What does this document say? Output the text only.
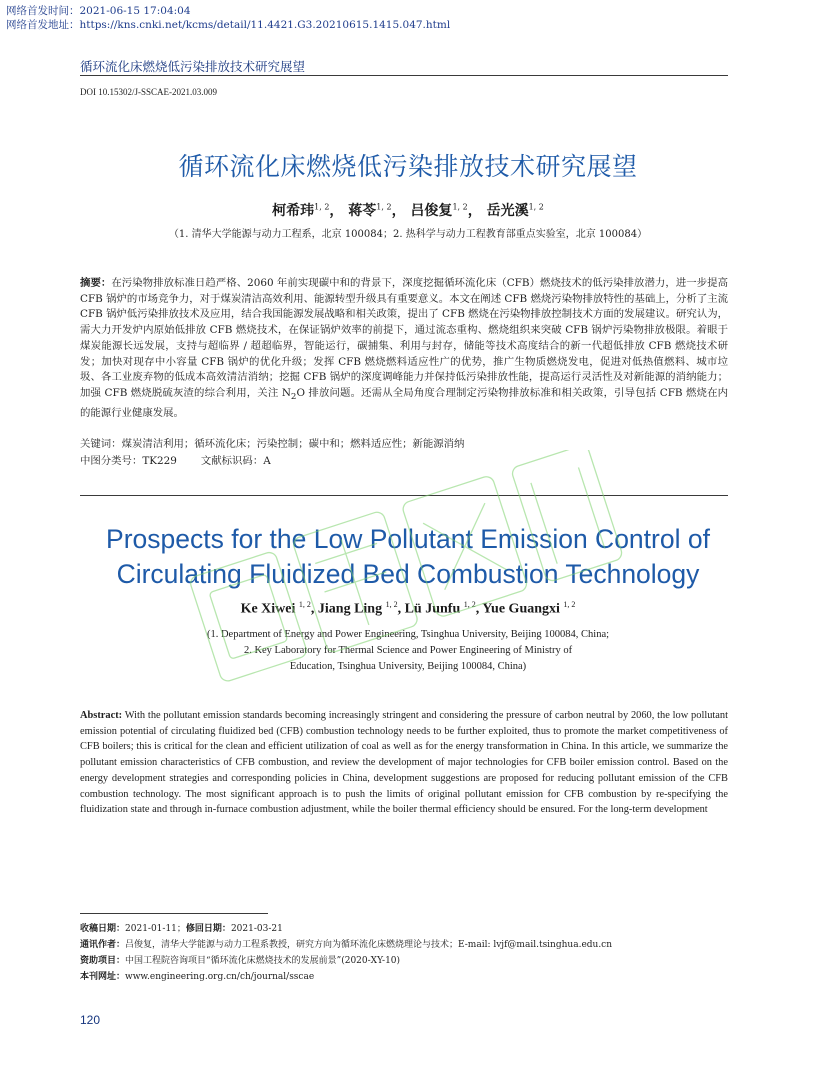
网络首发时间：2021-06-15 17:04:04
网络首发地址：https://kns.cnki.net/kcms/detail/11.4421.G3.20210615.1415.047.html
循环流化床燃烧低污染排放技术研究展望
DOI 10.15302/J-SSCAE-2021.03.009
循环流化床燃烧低污染排放技术研究展望
柯希玮$^{1, 2}$， 蒋苓$^{1, 2}$， 吕俊复$^{1, 2}$， 岳光溪$^{1, 2}$
（1. 清华大学能源与动力工程系，北京 100084；2. 热科学与动力工程教育部重点实验室，北京 100084）
摘要：在污染物排放标准日趋严格、2060 年前实现碳中和的背景下，深度挖掘循环流化床（CFB）燃烧技术的低污染排放潜力，进一步提高 CFB 锅炉的市场竞争力，对于煤炭清洁高效利用、能源转型升级具有重要意义。本文在阐述 CFB 燃烧污染物排放特性的基础上，分析了主流 CFB 锅炉低污染排放技术及应用，结合我国能源发展战略和相关政策，提出了 CFB 燃烧在污染物排放控制技术方面的发展建议。研究认为，需大力开发炉内原始低排放 CFB 燃烧技术，在保证锅炉效率的前提下，通过流态重构、燃烧组织来突破 CFB 锅炉污染物排放极限。着眼于煤炭能源长远发展，支持与超临界 / 超超临界，智能运行，碳捕集、利用与封存，储能等技术高度结合的新一代超低排放 CFB 燃烧技术研发；加快对现存中小容量 CFB 锅炉的优化升级；发挥 CFB 燃烧燃料适应性广的优势，推广生物质燃烧发电，促进对低热值燃料、城市垃圾、各工业废弃物的低成本高效清洁消纳；挖掘 CFB 锅炉的深度调峰能力并保持低污染排放性能，提高运行灵活性及对新能源的消纳能力；加强 CFB 燃烧脱硫灰渣的综合利用，关注 $N_2O$ 排放问题。还需从全局角度合理制定污染物排放标准和相关政策，引导包括 CFB 燃烧在内的能源行业健康发展。
关键词：煤炭清洁利用；循环流化床；污染控制；碳中和；燃料适应性；新能源消纳
中图分类号：TK229 文献标识码：A
Prospects for the Low Pollutant Emission Control of
Circulating Fluidized Bed Combustion Technology
Ke Xiwei $^{1, 2}$, Jiang Ling $^{1, 2}$, Lü Junfu $^{1, 2}$, Yue Guangxi $^{1, 2}$
(1. Department of Energy and Power Engineering, Tsinghua University, Beijing 100084, China;
2. Key Laboratory for Thermal Science and Power Engineering of Ministry of
Education, Tsinghua University, Beijing 100084, China)
Abstract: With the pollutant emission standards becoming increasingly stringent and considering the pressure of carbon neutral by 2060, the low pollutant emission potential of circulating fluidized bed (CFB) combustion technology needs to be further exploited, thus to promote the market competitiveness of CFB boilers; this is critical for the clean and efficient utilization of coal as well as for the energy transformation in China. In this article, we summarize the pollutant emission characteristics of CFB combustion, and review the development of major technologies for CFB boiler emission control. Based on the energy development strategies and corresponding policies in China, development suggestions are proposed for reducing pollutant emission of the CFB combustion technology. The most significant approach is to push the limits of original pollutant emission for CFB combustion by re-specifying the fluidization state and through in-furnace combustion adjustment, while the boiler thermal efficiency should be ensured. For the long-term development
收稿日期：2021-01-11；修回日期：2021-03-21
通讯作者：吕俊复，清华大学能源与动力工程系教授，研究方向为循环流化床燃烧理论与技术；E-mail: lvjf@mail.tsinghua.edu.cn
资助项目：中国工程院咨询项目“循环流化床燃烧技术的发展前景”(2020-XY-10)
本刊网址：www.engineering.org.cn/ch/journal/sscae
120
